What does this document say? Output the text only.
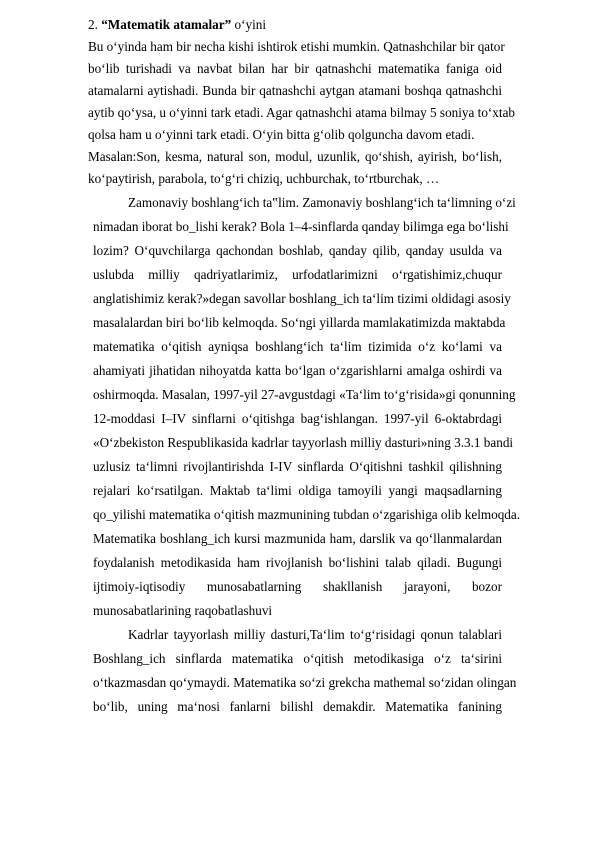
2. “Matematik atamalar” o‘yini
Bu o‘yinda ham bir necha kishi ishtirok etishi mumkin. Qatnashchilar bir qator
bo‘lib turishadi va navbat bilan har bir qatnashchi matematika faniga oid
atamalarni aytishadi. Bunda bir qatnashchi aytgan atamani boshqa qatnashchi
aytib qo‘ysa, u o‘yinni tark etadi. Agar qatnashchi atama bilmay 5 soniya to‘xtab
qolsa ham u o‘yinni tark etadi. O‘yin bitta g‘olib qolguncha davom etadi.
Masalan:Son, kesma, natural son, modul, uzunlik, qo‘shish, ayirish, bo‘lish,
ko‘paytirish, parabola, to‘g‘ri chiziq, uchburchak, to‘rtburchak, …
Zamonaviy boshlang‘ich ta‟lim. Zamonaviy boshlang‘ich ta‘limning o‘zi
nimadan iborat bo_lishi kerak? Bola 1–4-sinflarda qanday bilimga ega bo‘lishi
lozim? O‘quvchilarga qachondan boshlab, qanday qilib, qanday usulda va
uslubda milliy qadriyatlarimiz, urfodatlarimizni o‘rgatishimiz,chuqur
anglatishimiz kerak?»degan savollar boshlang_ich ta‘lim tizimi oldidagi asosiy
masalalardan biri bo‘lib kelmoqda. So‘ngi yillarda mamlakatimizda maktabda
matematika o‘qitish ayniqsa boshlang‘ich ta‘lim tizimida o‘z ko‘lami va
ahamiyati jihatidan nihoyatda katta bo‘lgan o‘zgarishlarni amalga oshirdi va
oshirmoqda. Masalan, 1997-yil 27-avgustdagi «Ta‘lim to‘g‘risida»gi qonunning
12-moddasi I–IV sinflarni o‘qitishga bag‘ishlangan. 1997-yil 6-oktabrdagi
«O‘zbekiston Respublikasida kadrlar tayyorlash milliy dasturi»ning 3.3.1 bandi
uzlusiz ta‘limni rivojlantirishda I-IV sinflarda O‘qitishni tashkil qilishning
rejalari ko‘rsatilgan. Maktab ta‘limi oldiga tamoyili yangi maqsadlarning
qo_yilishi matematika o‘qitish mazmunining tubdan o‘zgarishiga olib kelmoqda.
Matematika boshlang_ich kursi mazmunida ham, darslik va qo‘llanmalardan
foydalanish metodikasida ham rivojlanish bo‘lishini talab qiladi. Bugungi
ijtimoiy-iqtisodiy munosabatlarning shakllanish jarayoni, bozor
munosabatlarining raqobatlashuvi
Kadrlar tayyorlash milliy dasturi,Ta‘lim to‘g‘risidagi qonun talablari
Boshlang_ich sinflarda matematika o‘qitish metodikasiga o‘z ta‘sirini
o‘tkazmasdan qo‘ymaydi. Matematika so‘zi grekcha mathemal so‘zidan olingan
bo‘lib, uning ma‘nosi fanlarni bilishl demakdir. Matematika fanining
